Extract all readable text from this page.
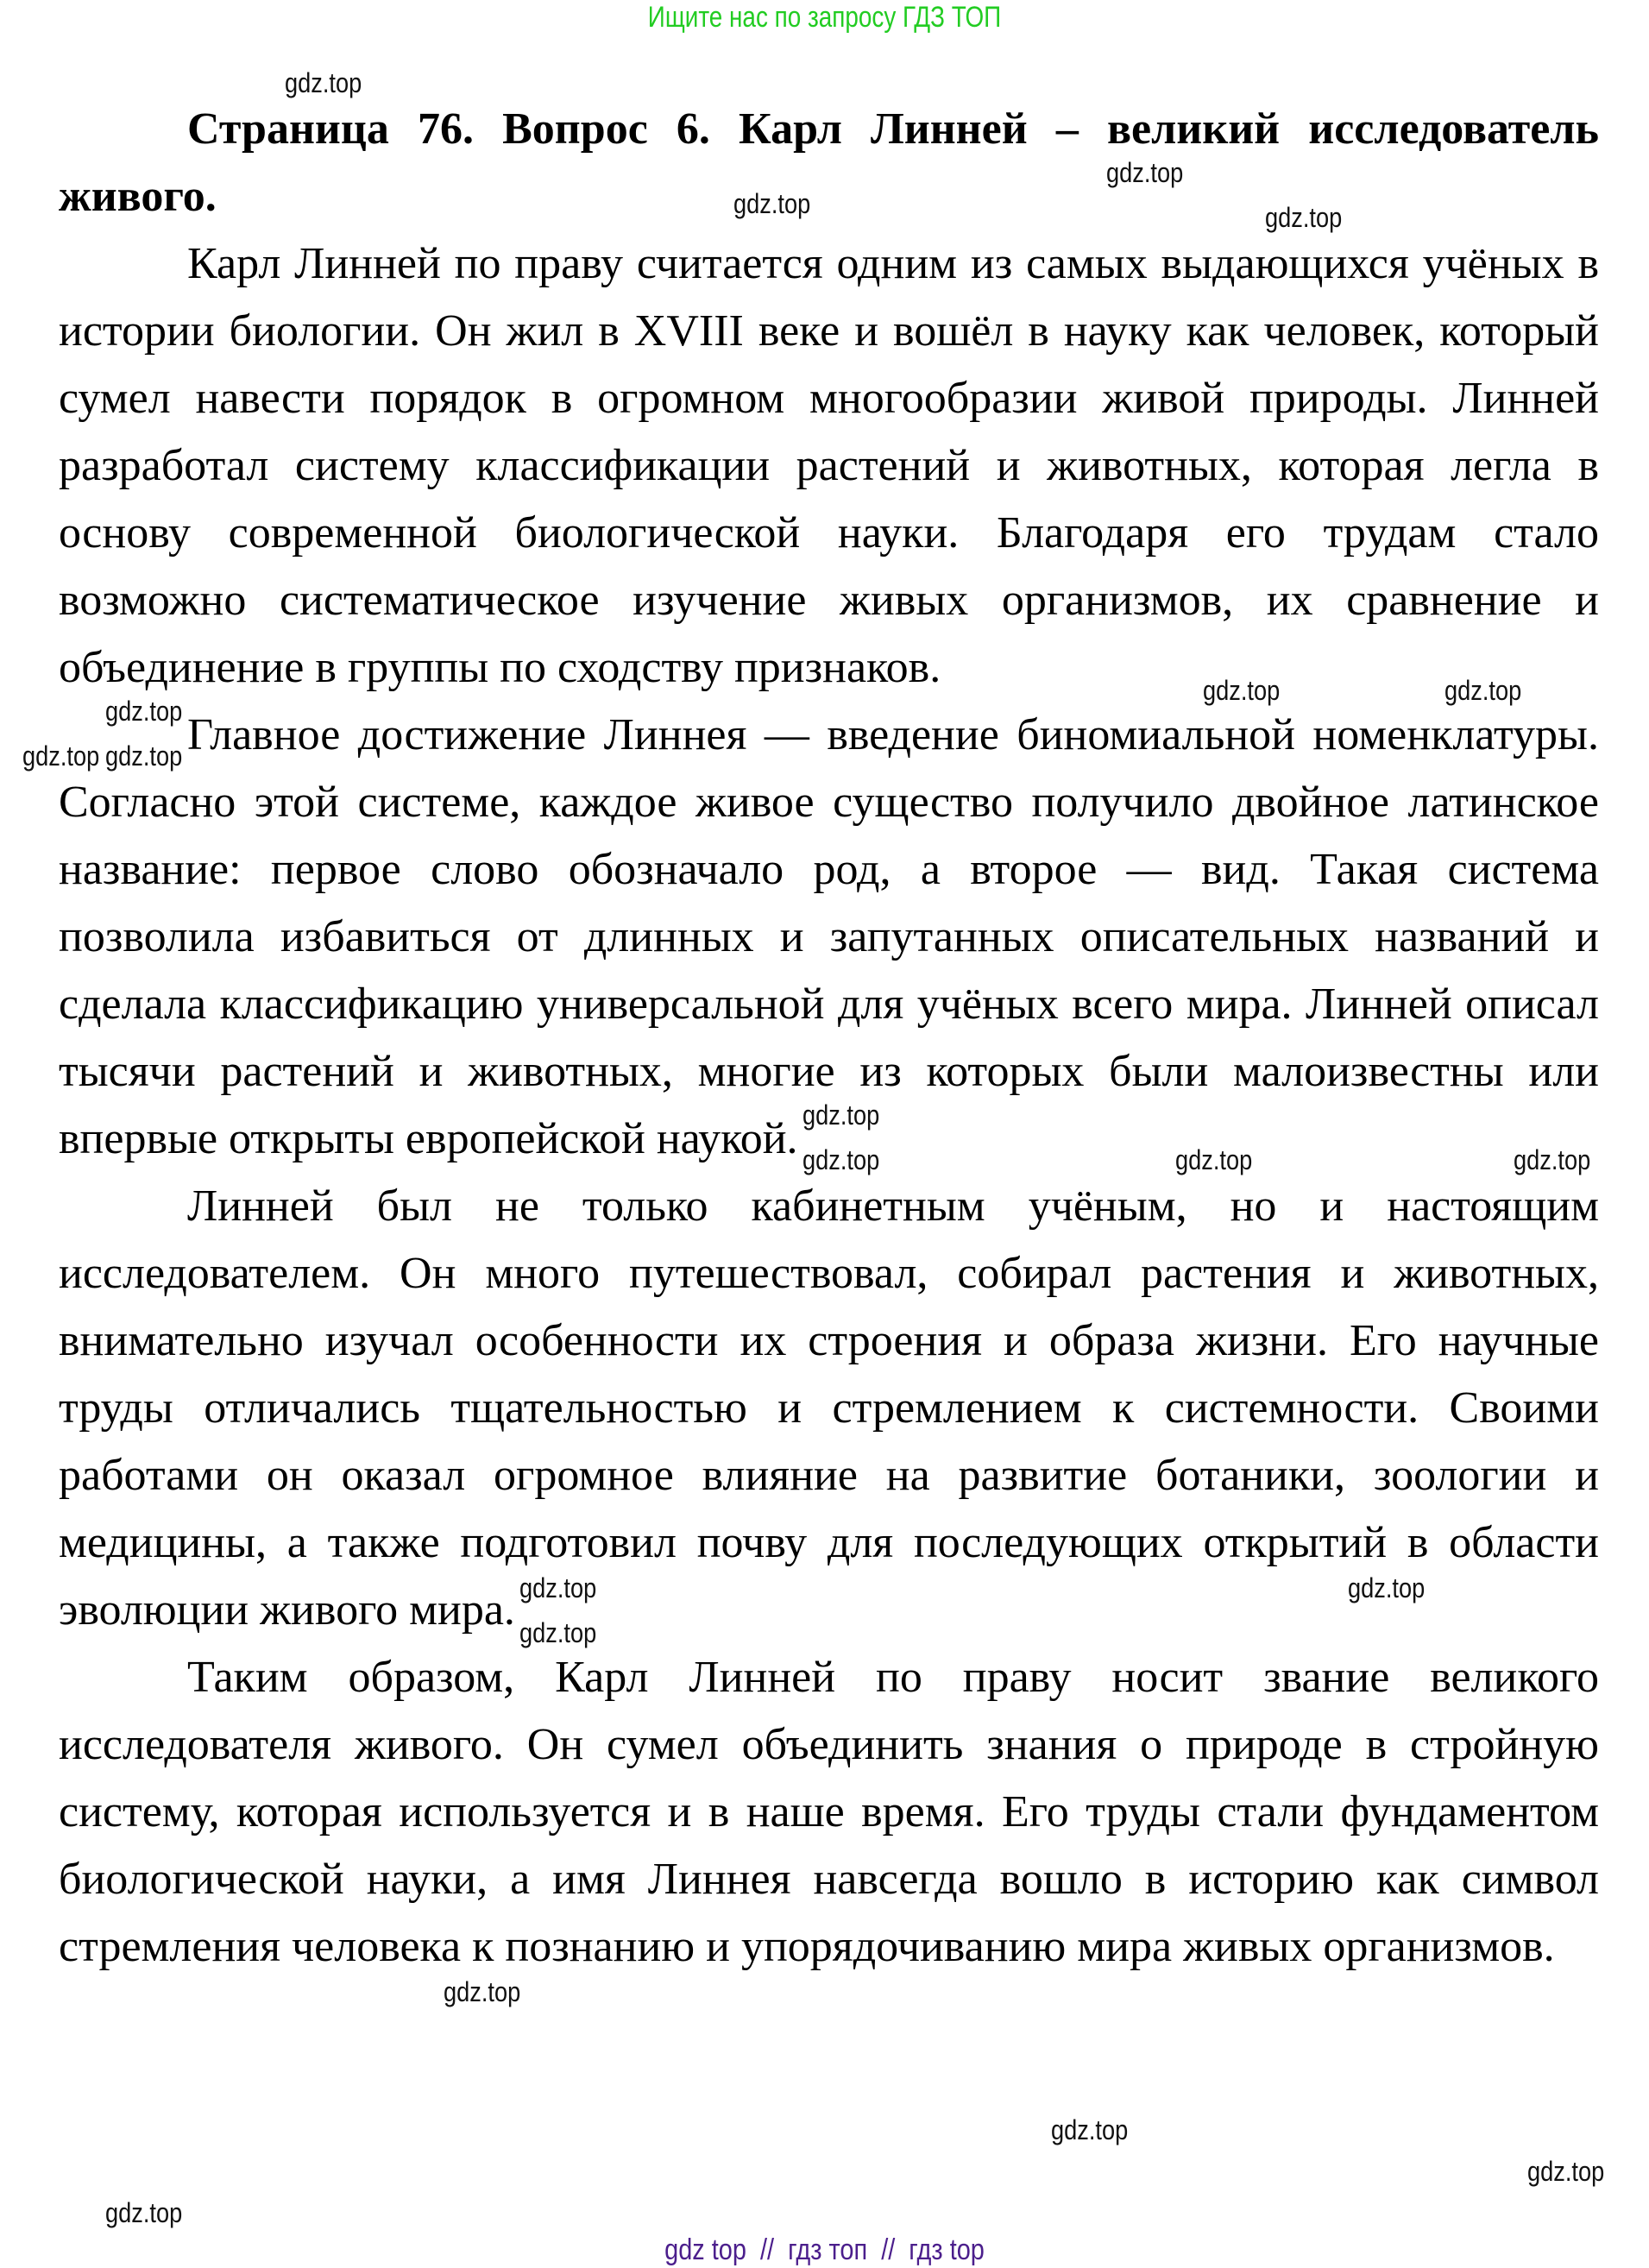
Ищите нас по запросу ГДЗ ТОП

Страница 76. Вопрос 6. Карл Линней – великий исследователь живого.

Карл Линней по праву считается одним из самых выдающихся учёных в истории биологии. Он жил в XVIII веке и вошёл в науку как человек, который сумел навести порядок в огромном многообразии живой природы. Линней разработал систему классификации растений и животных, которая легла в основу современной биологической науки. Благодаря его трудам стало возможно систематическое изучение живых организмов, их сравнение и объединение в группы по сходству признаков.

Главное достижение Линнея — введение биномиальной номенклатуры. Согласно этой системе, каждое живое существо получило двойное латинское название: первое слово обозначало род, а второе — вид. Такая система позволила избавиться от длинных и запутанных описательных названий и сделала классификацию универсальной для учёных всего мира. Линней описал тысячи растений и животных, многие из которых были малоизвестны или впервые открыты европейской наукой.

Линней был не только кабинетным учёным, но и настоящим исследователем. Он много путешествовал, собирал растения и животных, внимательно изучал особенности их строения и образа жизни. Его научные труды отличались тщательностью и стремлением к системности. Своими работами он оказал огромное влияние на развитие ботаники, зоологии и медицины, а также подготовил почву для последующих открытий в области эволюции живого мира.

Таким образом, Карл Линней по праву носит звание великого исследователя живого. Он сумел объединить знания о природе в стройную систему, которая используется и в наше время. Его труды стали фундаментом биологической науки, а имя Линнея навсегда вошло в историю как символ стремления человека к познанию и упорядочиванию мира живых организмов.

gdz.top
gdz.top
gdz.top	gdz.top
gdz.top
gdz.top
gdz.top
gdz.top
gdz.top
gdz.top
gdz.top
gdz.top
gdz.top
gdz.top	gdz.top
gdz.top
gdz.top
gdz.top
gdz.top
gdz.top
gdz top  //  гдз топ  //  гдз top
